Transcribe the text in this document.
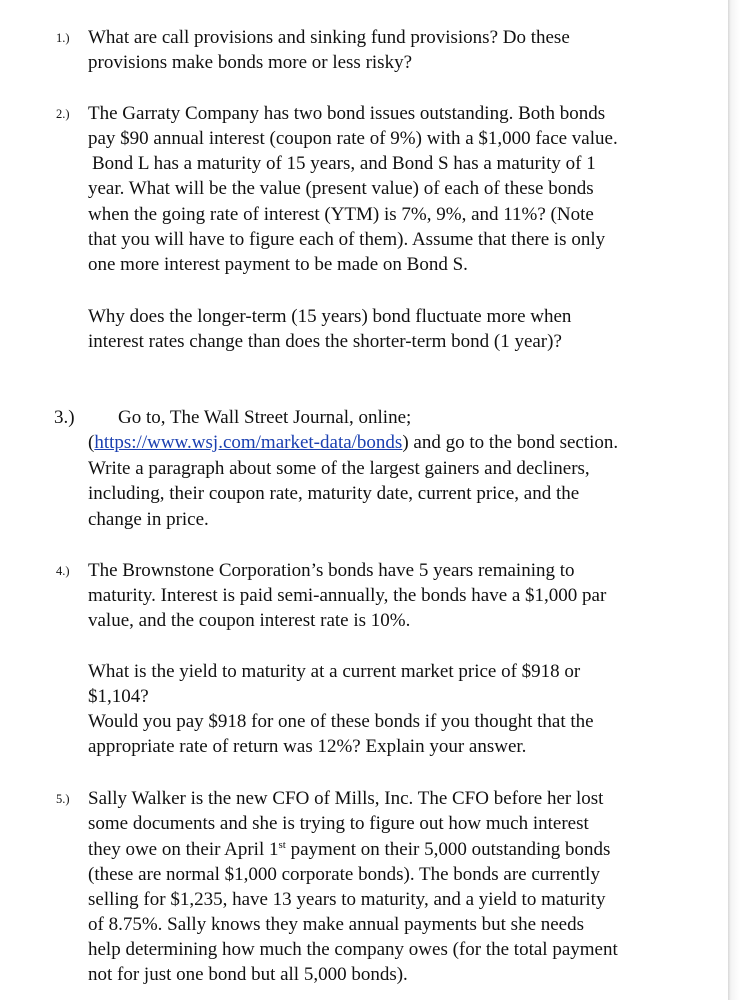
1.) What are call provisions and sinking fund provisions? Do these
provisions make bonds more or less risky?
2.) The Garraty Company has two bond issues outstanding. Both bonds
pay $90 annual interest (coupon rate of 9%) with a $1,000 face value.
Bond L has a maturity of 15 years, and Bond S has a maturity of 1
year. What will be the value (present value) of each of these bonds
when the going rate of interest (YTM) is 7%, 9%, and 11%? (Note
that you will have to figure each of them). Assume that there is only
one more interest payment to be made on Bond S.
Why does the longer-term (15 years) bond fluctuate more when
interest rates change than does the shorter-term bond (1 year)?
3.) Go to, The Wall Street Journal, online;
(https://www.wsj.com/market-data/bonds) and go to the bond section.
Write a paragraph about some of the largest gainers and decliners,
including, their coupon rate, maturity date, current price, and the
change in price.
4.) The Brownstone Corporation’s bonds have 5 years remaining to
maturity. Interest is paid semi-annually, the bonds have a $1,000 par
value, and the coupon interest rate is 10%.
What is the yield to maturity at a current market price of $918 or
$1,104?
Would you pay $918 for one of these bonds if you thought that the
appropriate rate of return was 12%? Explain your answer.
5.) Sally Walker is the new CFO of Mills, Inc. The CFO before her lost
some documents and she is trying to figure out how much interest
they owe on their April 1st payment on their 5,000 outstanding bonds
(these are normal $1,000 corporate bonds). The bonds are currently
selling for $1,235, have 13 years to maturity, and a yield to maturity
of 8.75%. Sally knows they make annual payments but she needs
help determining how much the company owes (for the total payment
not for just one bond but all 5,000 bonds).
